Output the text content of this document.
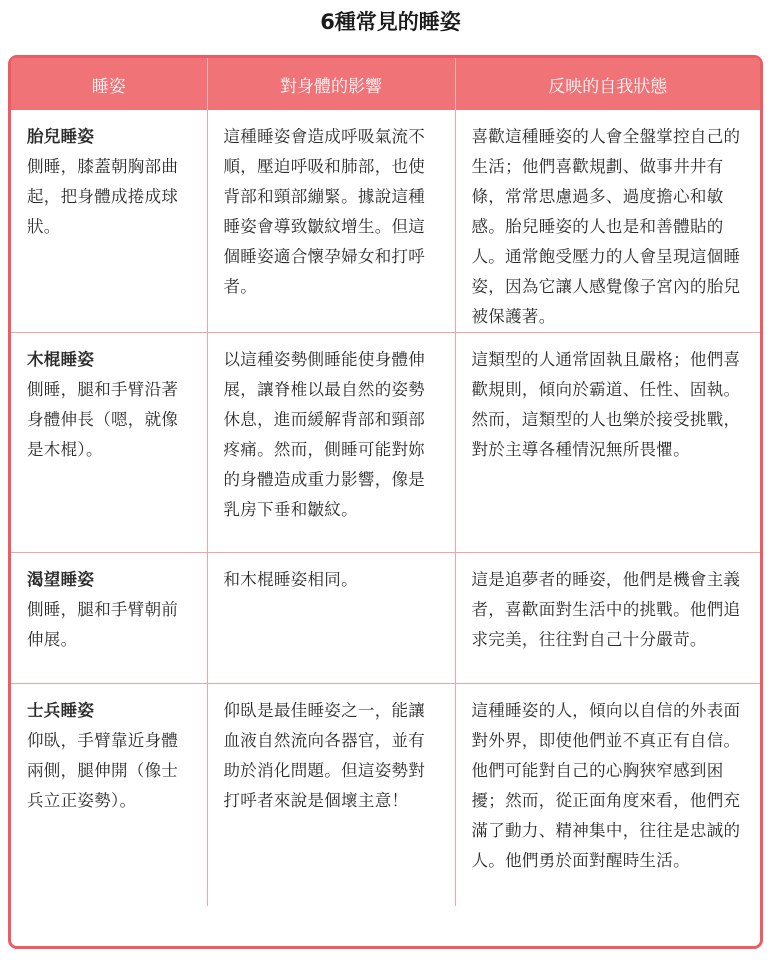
6種常見的睡姿
睡姿	對身體的影響	反映的自我狀態

胎兒睡姿
側睡，膝蓋朝胸部曲起，把身體成捲成球狀。	這種睡姿會造成呼吸氣流不順，壓迫呼吸和肺部，也使背部和頸部繃緊。據說這種睡姿會導致皺紋增生。但這個睡姿適合懷孕婦女和打呼者。	喜歡這種睡姿的人會全盤掌控自己的生活；他們喜歡規劃、做事井井有條，常常思慮過多、過度擔心和敏感。胎兒睡姿的人也是和善體貼的人。通常飽受壓力的人會呈現這個睡姿，因為它讓人感覺像子宮內的胎兒被保護著。

木棍睡姿
側睡，腿和手臂沿著身體伸長（嗯，就像是木棍）。	以這種姿勢側睡能使身體伸展，讓脊椎以最自然的姿勢休息，進而緩解背部和頸部疼痛。然而，側睡可能對妳的身體造成重力影響，像是乳房下垂和皺紋。	這類型的人通常固執且嚴格；他們喜歡規則，傾向於霸道、任性、固執。然而，這類型的人也樂於接受挑戰，對於主導各種情況無所畏懼。

渴望睡姿
側睡，腿和手臂朝前伸展。	和木棍睡姿相同。	這是追夢者的睡姿，他們是機會主義者，喜歡面對生活中的挑戰。他們追求完美，往往對自己十分嚴苛。

士兵睡姿
仰臥，手臂靠近身體兩側，腿伸開（像士兵立正姿勢）。	仰臥是最佳睡姿之一，能讓血液自然流向各器官，並有助於消化問題。但這姿勢對打呼者來說是個壞主意！	這種睡姿的人，傾向以自信的外表面對外界，即使他們並不真正有自信。他們可能對自己的心胸狹窄感到困擾；然而，從正面角度來看，他們充滿了動力、精神集中，往往是忠誠的人。他們勇於面對醒時生活。
